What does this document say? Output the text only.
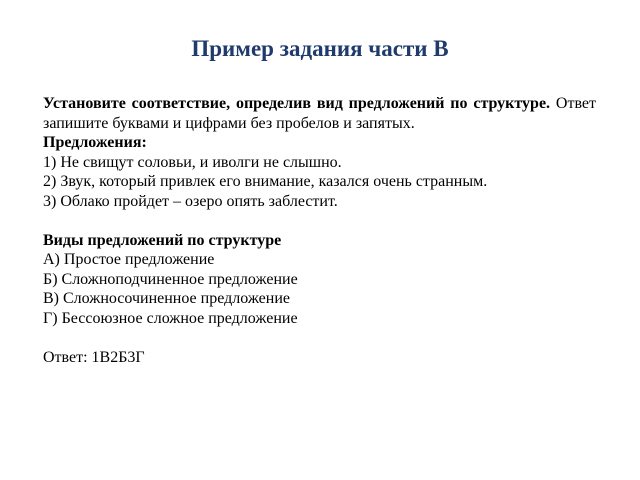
Пример задания части В

Установите соответствие, определив вид предложений по структуре. Ответ запишите буквами и цифрами без пробелов и запятых.

Предложения:

1) Не свищут соловьи, и иволги не слышно.

2) Звук, который привлек его внимание, казался очень странным.

3) Облако пройдет – озеро опять заблестит.

Виды предложений по структуре

А) Простое предложение

Б) Сложноподчиненное предложение

В) Сложносочиненное предложение

Г) Бессоюзное сложное предложение

Ответ: 1В2Б3Г
